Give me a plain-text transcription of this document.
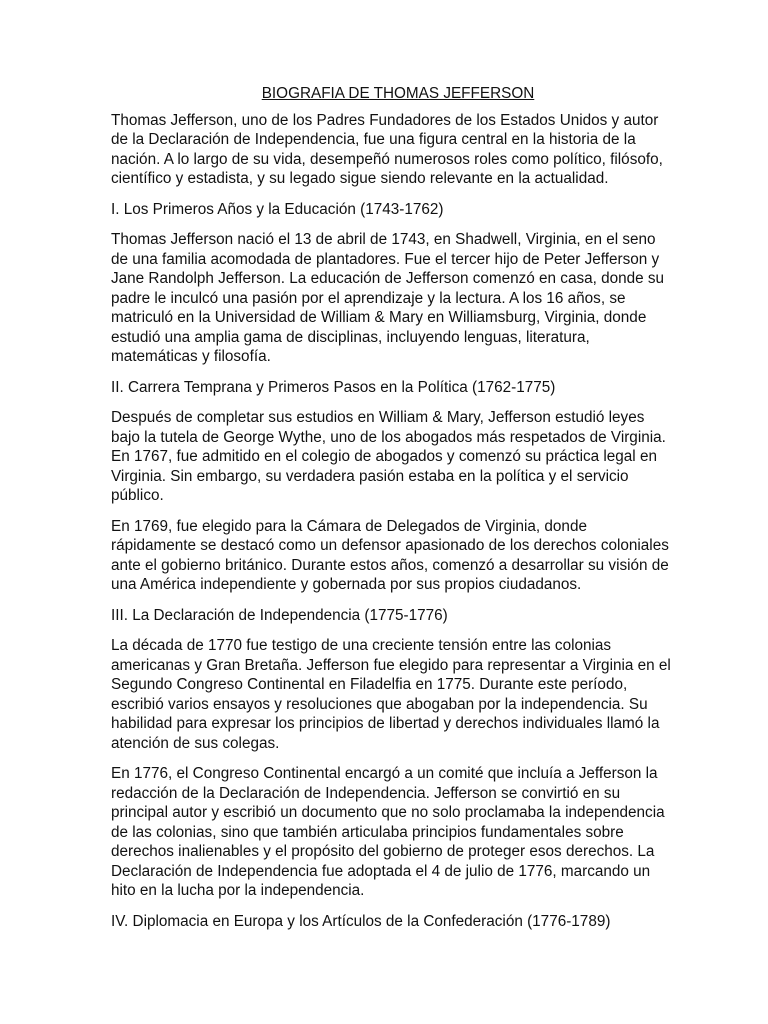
BIOGRAFIA DE THOMAS JEFFERSON

Thomas Jefferson, uno de los Padres Fundadores de los Estados Unidos y autor de la Declaración de Independencia, fue una figura central en la historia de la nación. A lo largo de su vida, desempeñó numerosos roles como político, filósofo, científico y estadista, y su legado sigue siendo relevante en la actualidad.

I. Los Primeros Años y la Educación (1743-1762)

Thomas Jefferson nació el 13 de abril de 1743, en Shadwell, Virginia, en el seno de una familia acomodada de plantadores. Fue el tercer hijo de Peter Jefferson y Jane Randolph Jefferson. La educación de Jefferson comenzó en casa, donde su padre le inculcó una pasión por el aprendizaje y la lectura. A los 16 años, se matriculó en la Universidad de William & Mary en Williamsburg, Virginia, donde estudió una amplia gama de disciplinas, incluyendo lenguas, literatura, matemáticas y filosofía.

II. Carrera Temprana y Primeros Pasos en la Política (1762-1775)

Después de completar sus estudios en William & Mary, Jefferson estudió leyes bajo la tutela de George Wythe, uno de los abogados más respetados de Virginia. En 1767, fue admitido en el colegio de abogados y comenzó su práctica legal en Virginia. Sin embargo, su verdadera pasión estaba en la política y el servicio público.

En 1769, fue elegido para la Cámara de Delegados de Virginia, donde rápidamente se destacó como un defensor apasionado de los derechos coloniales ante el gobierno británico. Durante estos años, comenzó a desarrollar su visión de una América independiente y gobernada por sus propios ciudadanos.

III. La Declaración de Independencia (1775-1776)

La década de 1770 fue testigo de una creciente tensión entre las colonias americanas y Gran Bretaña. Jefferson fue elegido para representar a Virginia en el Segundo Congreso Continental en Filadelfia en 1775. Durante este período, escribió varios ensayos y resoluciones que abogaban por la independencia. Su habilidad para expresar los principios de libertad y derechos individuales llamó la atención de sus colegas.

En 1776, el Congreso Continental encargó a un comité que incluía a Jefferson la redacción de la Declaración de Independencia. Jefferson se convirtió en su principal autor y escribió un documento que no solo proclamaba la independencia de las colonias, sino que también articulaba principios fundamentales sobre derechos inalienables y el propósito del gobierno de proteger esos derechos. La Declaración de Independencia fue adoptada el 4 de julio de 1776, marcando un hito en la lucha por la independencia.

IV. Diplomacia en Europa y los Artículos de la Confederación (1776-1789)
